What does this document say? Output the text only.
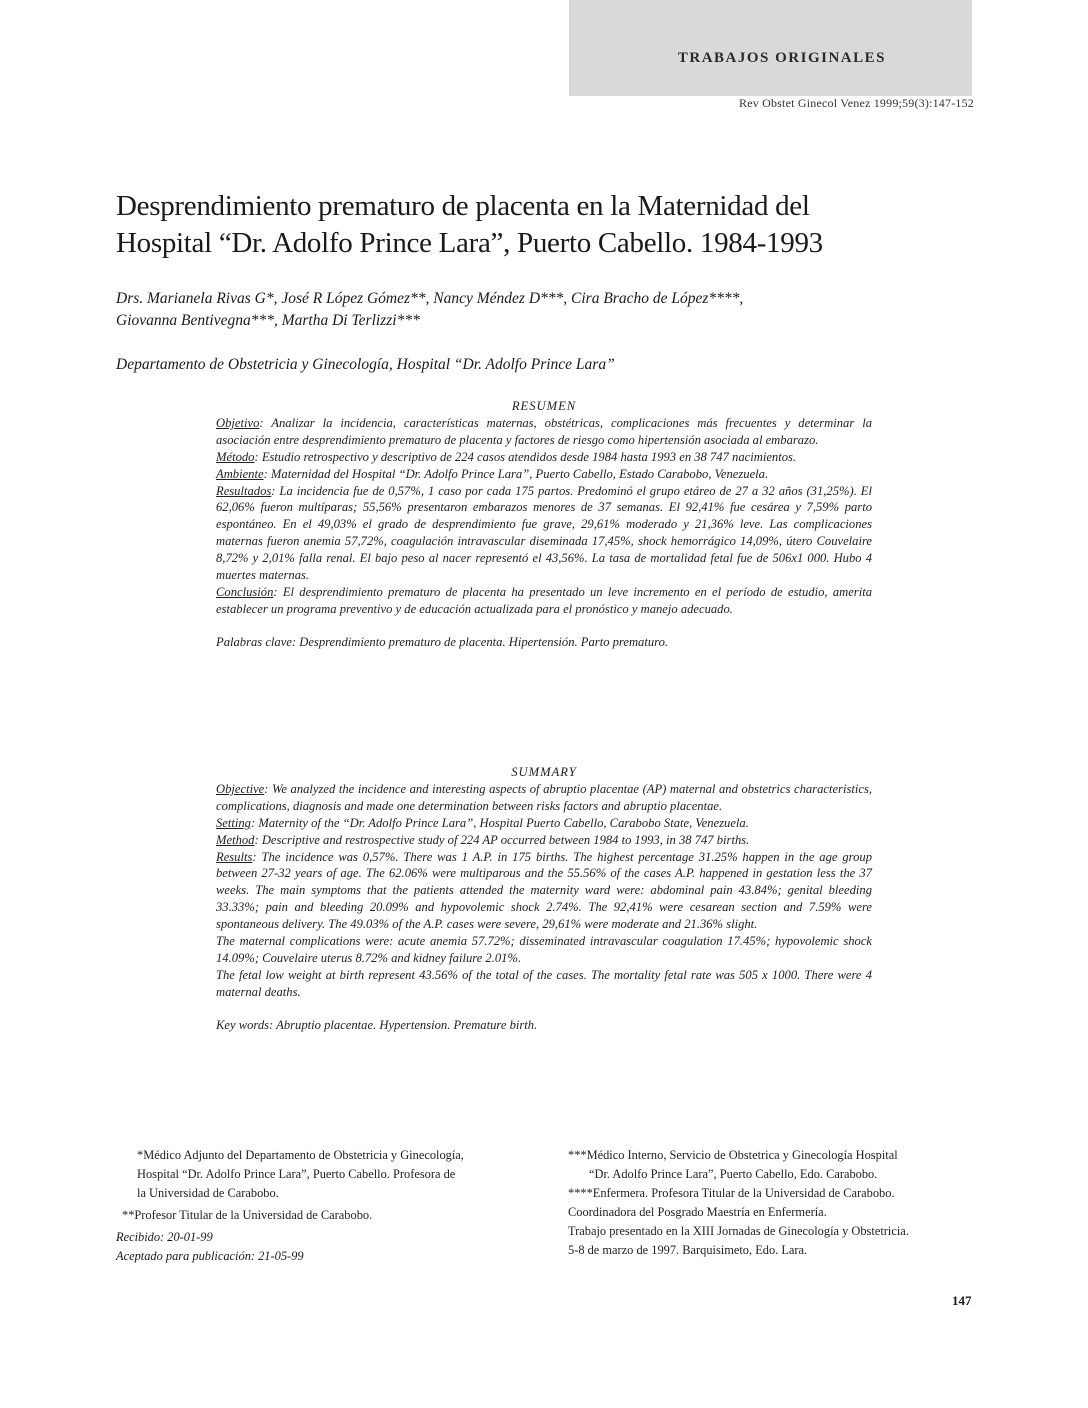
TRABAJOS ORIGINALES
Rev Obstet Ginecol Venez 1999;59(3):147-152
Desprendimiento prematuro de placenta en la Maternidad del
Hospital “Dr. Adolfo Prince Lara”, Puerto Cabello. 1984-1993
Drs. Marianela Rivas G*, José R López Gómez**, Nancy Méndez D***, Cira Bracho de López****,
Giovanna Bentivegna***, Martha Di Terlizzi***
Departamento de Obstetricia y Ginecología, Hospital “Dr. Adolfo Prince Lara”
RESUMEN

Objetivo: Analizar la incidencia, características maternas, obstétricas, complicaciones más frecuentes y determinar la asociación entre desprendimiento prematuro de placenta y factores de riesgo como hipertensión asociada al embarazo.

Método: Estudio retrospectivo y descriptivo de 224 casos atendidos desde 1984 hasta 1993 en 38 747 nacimientos.

Ambiente: Maternidad del Hospital “Dr. Adolfo Prince Lara”, Puerto Cabello, Estado Carabobo, Venezuela.

Resultados: La incidencia fue de 0,57%, 1 caso por cada 175 partos. Predominó el grupo etáreo de 27 a 32 años (31,25%). El 62,06% fueron multíparas; 55,56% presentaron embarazos menores de 37 semanas. El 92,41% fue cesárea y 7,59% parto espontáneo. En el 49,03% el grado de desprendimiento fue grave, 29,61% moderado y 21,36% leve. Las complicaciones maternas fueron anemia 57,72%, coagulación intravascular diseminada 17,45%, shock hemorrágico 14,09%, útero Couvelaire 8,72% y 2,01% falla renal. El bajo peso al nacer representó el 43,56%. La tasa de mortalidad fetal fue de 506x1 000. Hubo 4 muertes maternas.

Conclusión: El desprendimiento prematuro de placenta ha presentado un leve incremento en el período de estudio, amerita establecer un programa preventivo y de educación actualizada para el pronóstico y manejo adecuado.

Palabras clave: Desprendimiento prematuro de placenta. Hipertensión. Parto prematuro.

SUMMARY

Objective: We analyzed the incidence and interesting aspects of abruptio placentae (AP) maternal and obstetrics characteristics, complications, diagnosis and made one determination between risks factors and abruptio placentae.

Setting: Maternity of the “Dr. Adolfo Prince Lara”, Hospital Puerto Cabello, Carabobo State, Venezuela.

Method: Descriptive and restrospective study of 224 AP occurred between 1984 to 1993, in 38 747 births.

Results: The incidence was 0,57%. There was 1 A.P. in 175 births. The highest percentage 31.25% happen in the age group between 27-32 years of age. The 62.06% were multiparous and the 55.56% of the cases A.P. happened in gestation less the 37 weeks. The main symptoms that the patients attended the maternity ward were: abdominal pain 43.84%; genital bleeding 33.33%; pain and bleeding 20.09% and hypovolemic shock 2.74%. The 92,41% were cesarean section and 7.59% were spontaneous delivery. The 49.03% of the A.P. cases were severe, 29,61% were moderate and 21.36% slight.

The maternal complications were: acute anemia 57.72%; disseminated intravascular coagulation 17.45%; hypovolemic shock 14.09%; Couvelaire uterus 8.72% and kidney failure 2.01%.

The fetal low weight at birth represent 43.56% of the total of the cases. The mortality fetal rate was 505 x 1000. There were 4 maternal deaths.

Key words: Abruptio placentae. Hypertension. Premature birth.

*Médico Adjunto del Departamento de Obstetricia y Ginecología,
Hospital “Dr. Adolfo Prince Lara”, Puerto Cabello. Profesora de
la Universidad de Carabobo.
**Profesor Titular de la Universidad de Carabobo.
***Médico Interno, Servicio de Obstetrica y Ginecología Hospital
“Dr. Adolfo Prince Lara”, Puerto Cabello, Edo. Carabobo.
****Enfermera. Profesora Titular de la Universidad de Carabobo.
Coordinadora del Posgrado Maestría en Enfermería.
Trabajo presentado en la XIII Jornadas de Ginecología y Obstetricia.
5-8 de marzo de 1997. Barquisimeto, Edo. Lara.
Recibido: 20-01-99
Aceptado para publicación: 21-05-99
147
